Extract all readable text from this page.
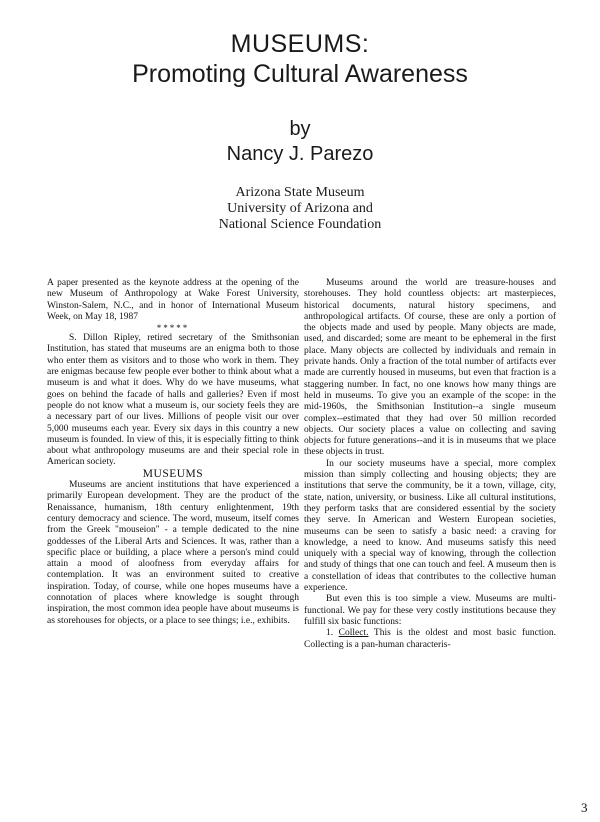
MUSEUMS:
Promoting Cultural Awareness
by
Nancy J. Parezo
Arizona State Museum
University of Arizona and
National Science Foundation

A paper presented as the keynote address at the opening of the new Museum of Anthropology at Wake Forest University, Winston-Salem, N.C., and in honor of International Museum Week, on May 18, 1987

*****

S. Dillon Ripley, retired secretary of the Smithsonian Institution, has stated that museums are an enigma both to those who enter them as visitors and to those who work in them. They are enigmas because few people ever bother to think about what a museum is and what it does. Why do we have museums, what goes on behind the facade of halls and galleries? Even if most people do not know what a museum is, our society feels they are a necessary part of our lives. Millions of people visit our over 5,000 museums each year. Every six days in this country a new museum is founded. In view of this, it is especially fitting to think about what anthropology museums are and their special role in American society.

MUSEUMS

Museums are ancient institutions that have experienced a primarily European development. They are the product of the Renaissance, humanism, 18th century enlightenment, 19th century democracy and science. The word, museum, itself comes from the Greek "mouseion" - a temple dedicated to the nine goddesses of the Liberal Arts and Sciences. It was, rather than a specific place or building, a place where a person's mind could attain a mood of aloofness from everyday affairs for contemplation. It was an environment suited to creative inspiration. Today, of course, while one hopes museums have a connotation of places where knowledge is sought through inspiration, the most common idea people have about museums is as storehouses for objects, or a place to see things; i.e., exhibits.

Museums around the world are treasure-houses and storehouses. They hold countless objects: art masterpieces, historical documents, natural history specimens, and anthropological artifacts. Of course, these are only a portion of the objects made and used by people. Many objects are made, used, and discarded; some are meant to be ephemeral in the first place. Many objects are collected by individuals and remain in private hands. Only a fraction of the total number of artifacts ever made are currently housed in museums, but even that fraction is a staggering number. In fact, no one knows how many things are held in museums. To give you an example of the scope: in the mid-1960s, the Smithsonian Institution--a single museum complex--estimated that they had over 50 million recorded objects. Our society places a value on collecting and saving objects for future generations--and it is in museums that we place these objects in trust.

In our society museums have a special, more complex mission than simply collecting and housing objects; they are institutions that serve the community, be it a town, village, city, state, nation, university, or business. Like all cultural institutions, they perform tasks that are considered essential by the society they serve. In American and Western European societies, museums can be seen to satisfy a basic need: a craving for knowledge, a need to know. And museums satisfy this need uniquely with a special way of knowing, through the collection and study of things that one can touch and feel. A museum then is a constellation of ideas that contributes to the collective human experience.

But even this is too simple a view. Museums are multi-functional. We pay for these very costly institutions because they fulfill six basic functions:

1. Collect. This is the oldest and most basic function. Collecting is a pan-human characteris-

3
